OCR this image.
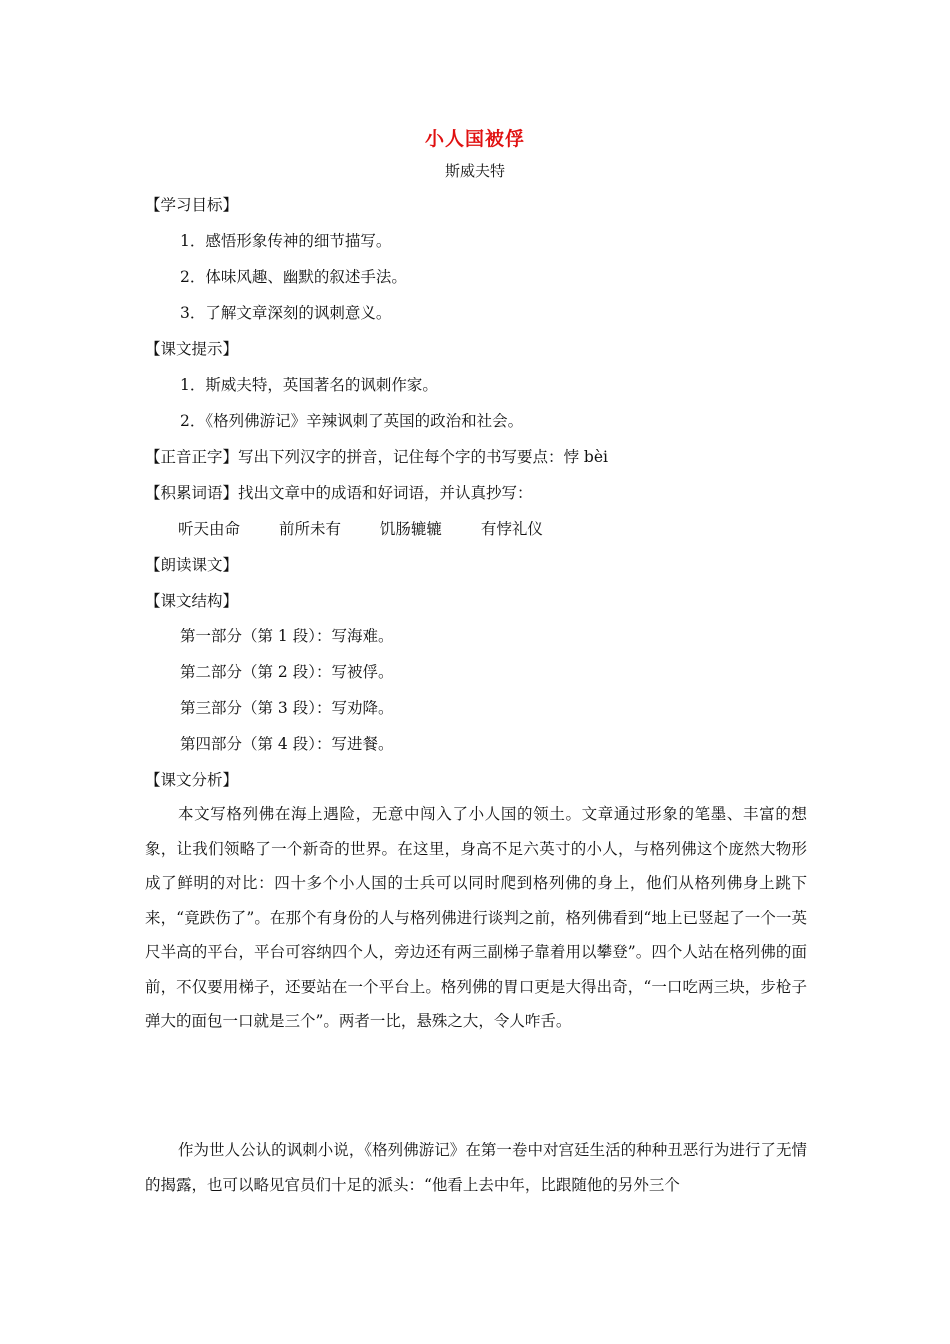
小人国被俘
斯威夫特
【学习目标】
1．感悟形象传神的细节描写。
2．体味风趣、幽默的叙述手法。
3．了解文章深刻的讽刺意义。
【课文提示】
1．斯威夫特，英国著名的讽刺作家。
2．《格列佛游记》辛辣讽刺了英国的政治和社会。
【正音正字】写出下列汉字的拼音，记住每个字的书写要点：悖 bèi
【积累词语】找出文章中的成语和好词语，并认真抄写：
听天由命	前所未有	饥肠辘辘	有悖礼仪
【朗读课文】
【课文结构】
第一部分（第 1 段）：写海难。
第二部分（第 2 段）：写被俘。
第三部分（第 3 段）：写劝降。
第四部分（第 4 段）：写进餐。
【课文分析】
本文写格列佛在海上遇险，无意中闯入了小人国的领土。文章通过形象的笔墨、丰富的想象，让我们领略了一个新奇的世界。在这里，身高不足六英寸的小人，与格列佛这个庞然大物形成了鲜明的对比：四十多个小人国的士兵可以同时爬到格列佛的身上，他们从格列佛身上跳下来，“竟跌伤了”。在那个有身份的人与格列佛进行谈判之前，格列佛看到“地上已竖起了一个一英尺半高的平台，平台可容纳四个人，旁边还有两三副梯子靠着用以攀登”。四个人站在格列佛的面前，不仅要用梯子，还要站在一个平台上。格列佛的胃口更是大得出奇，“一口吃两三块，步枪子弹大的面包一口就是三个”。两者一比，悬殊之大，令人咋舌。
作为世人公认的讽刺小说，《格列佛游记》在第一卷中对宫廷生活的种种丑恶行为进行了无情的揭露，也可以略见官员们十足的派头：“他看上去中年，比跟随他的另外三个
